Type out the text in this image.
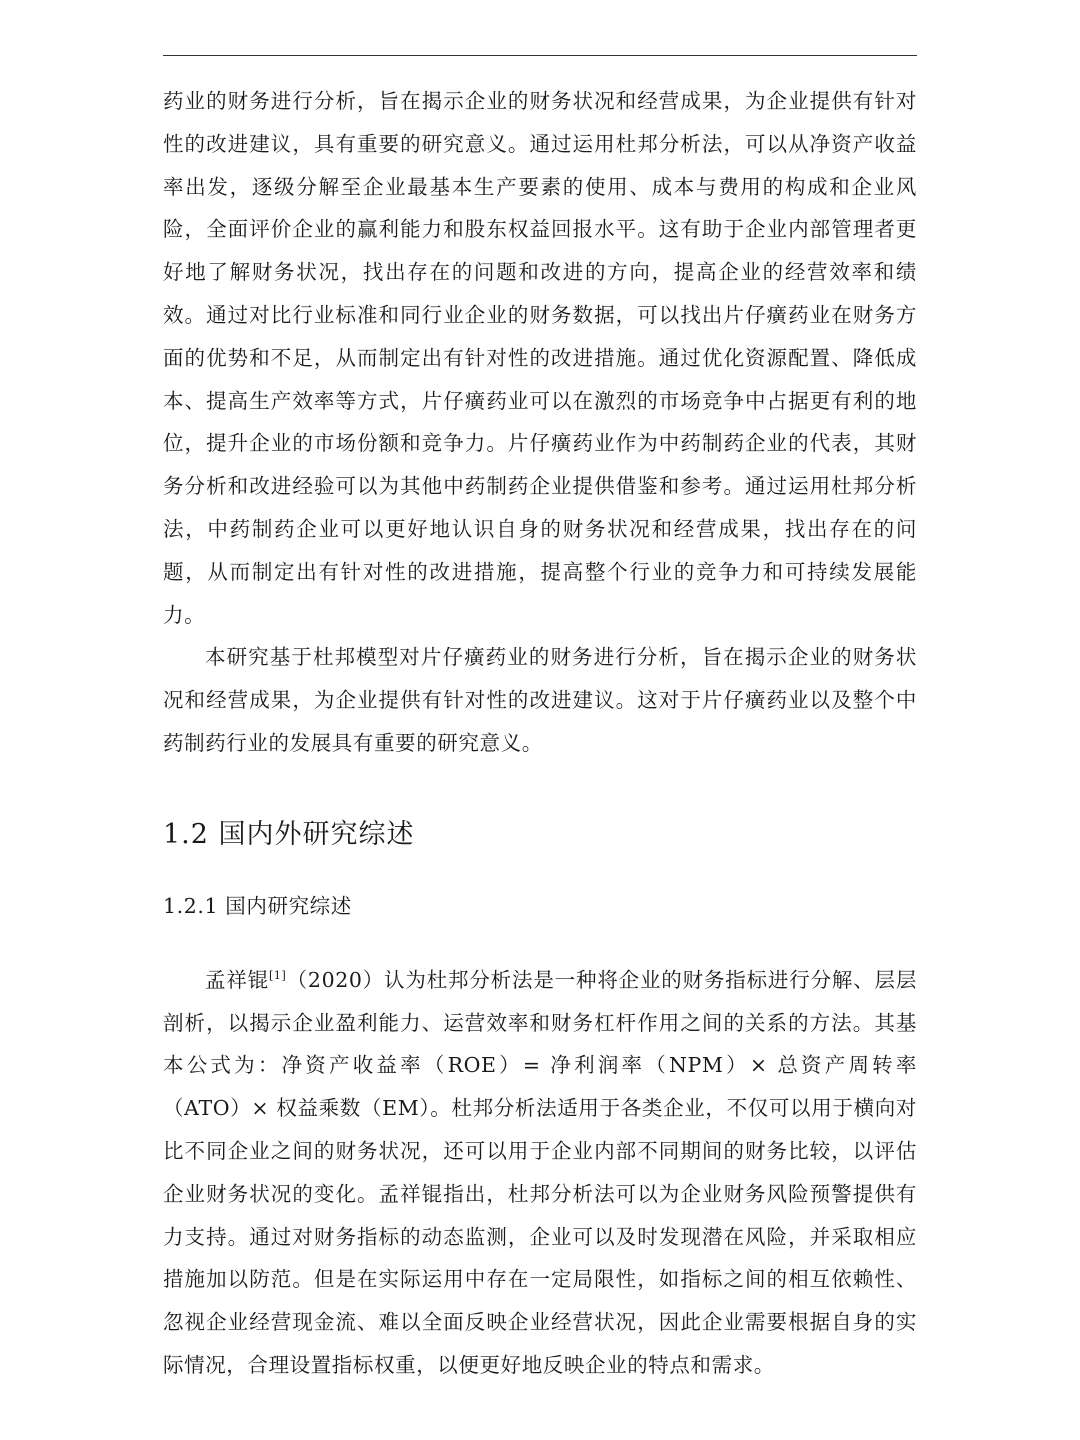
药业的财务进行分析，旨在揭示企业的财务状况和经营成果，为企业提供有针对性的改进建议，具有重要的研究意义。通过运用杜邦分析法，可以从净资产收益率出发，逐级分解至企业最基本生产要素的使用、成本与费用的构成和企业风险，全面评价企业的赢利能力和股东权益回报水平。这有助于企业内部管理者更好地了解财务状况，找出存在的问题和改进的方向，提高企业的经营效率和绩效。通过对比行业标准和同行业企业的财务数据，可以找出片仔癀药业在财务方面的优势和不足，从而制定出有针对性的改进措施。通过优化资源配置、降低成本、提高生产效率等方式，片仔癀药业可以在激烈的市场竞争中占据更有利的地位，提升企业的市场份额和竞争力。片仔癀药业作为中药制药企业的代表，其财务分析和改进经验可以为其他中药制药企业提供借鉴和参考。通过运用杜邦分析法，中药制药企业可以更好地认识自身的财务状况和经营成果，找出存在的问题，从而制定出有针对性的改进措施，提高整个行业的竞争力和可持续发展能力。

本研究基于杜邦模型对片仔癀药业的财务进行分析，旨在揭示企业的财务状况和经营成果，为企业提供有针对性的改进建议。这对于片仔癀药业以及整个中药制药行业的发展具有重要的研究意义。

1.2 国内外研究综述
1.2.1 国内研究综述

孟祥锟[1]（2020）认为杜邦分析法是一种将企业的财务指标进行分解、层层剖析，以揭示企业盈利能力、运营效率和财务杠杆作用之间的关系的方法。其基本公式为：净资产收益率（ROE）= 净利润率（NPM）× 总资产周转率（ATO）× 权益乘数（EM）。杜邦分析法适用于各类企业，不仅可以用于横向对比不同企业之间的财务状况，还可以用于企业内部不同期间的财务比较，以评估企业财务状况的变化。孟祥锟指出，杜邦分析法可以为企业财务风险预警提供有力支持。通过对财务指标的动态监测，企业可以及时发现潜在风险，并采取相应措施加以防范。但是在实际运用中存在一定局限性，如指标之间的相互依赖性、忽视企业经营现金流、难以全面反映企业经营状况，因此企业需要根据自身的实际情况，合理设置指标权重，以便更好地反映企业的特点和需求。
